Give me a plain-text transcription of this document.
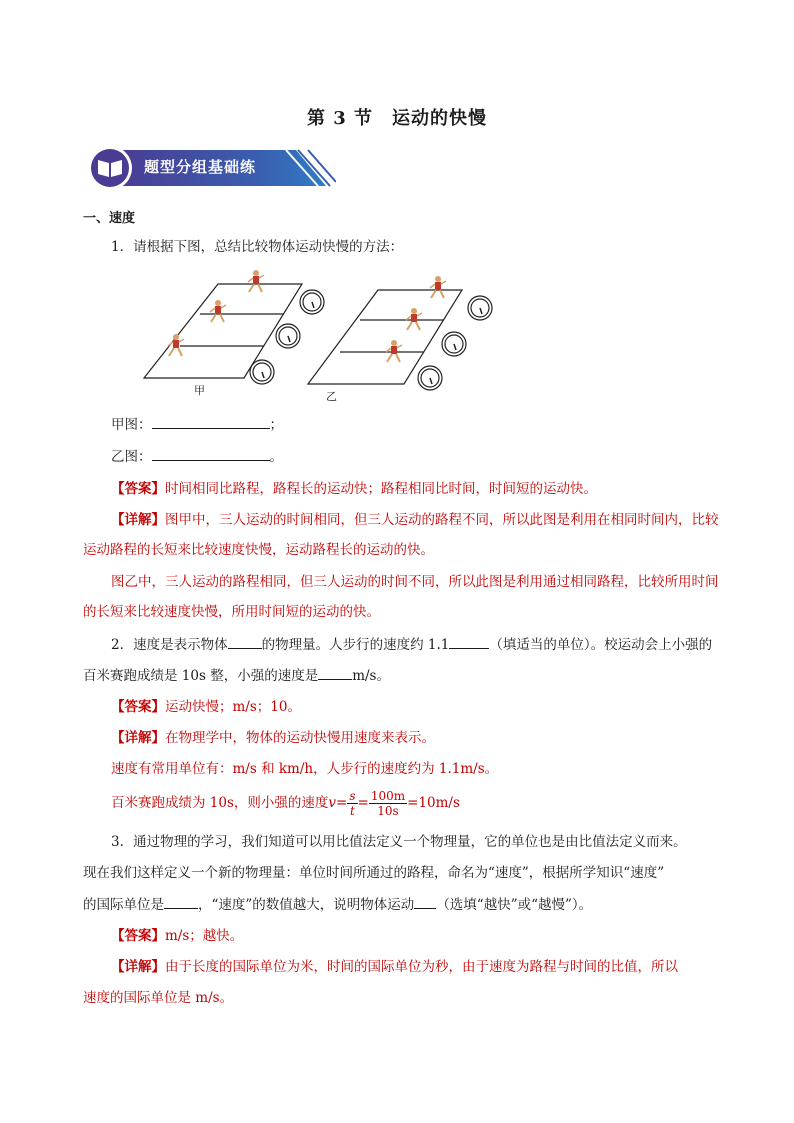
第 3 节　运动的快慢
题型分组基础练
一、速度
1．请根据下图，总结比较物体运动快慢的方法：
甲	乙
甲图：	；
乙图：	。
【答案】时间相同比路程，路程长的运动快；路程相同比时间，时间短的运动快。
【详解】图甲中，三人运动的时间相同，但三人运动的路程不同，所以此图是利用在相同时间内，比较
运动路程的长短来比较速度快慢，运动路程长的运动的快。
图乙中，三人运动的路程相同，但三人运动的时间不同，所以此图是利用通过相同路程，比较所用时间
的长短来比较速度快慢，所用时间短的运动的快。
2．速度是表示物体	的物理量。人步行的速度约 1.1	（填适当的单位）。校运动会上小强的
百米赛跑成绩是 10s 整，小强的速度是	m/s。
【答案】运动快慢；m/s；10。
【详解】在物理学中，物体的运动快慢用速度来表示。
速度有常用单位有：m/s 和 km/h，人步行的速度约为 1.1m/s。
百米赛跑成绩为 10s，则小强的速度$v= \frac{s}{t} = \frac{100m}{10s} =10m/s$
3．通过物理的学习，我们知道可以用比值法定义一个物理量，它的单位也是由比值法定义而来。
现在我们这样定义一个新的物理量：单位时间所通过的路程，命名为“速度”，根据所学知识“速度”
的国际单位是	，“速度”的数值越大，说明物体运动 （选填“越快”或“越慢”）。
【答案】m/s；越快。
【详解】由于长度的国际单位为米，时间的国际单位为秒，由于速度为路程与时间的比值，所以
速度的国际单位是 m/s。
